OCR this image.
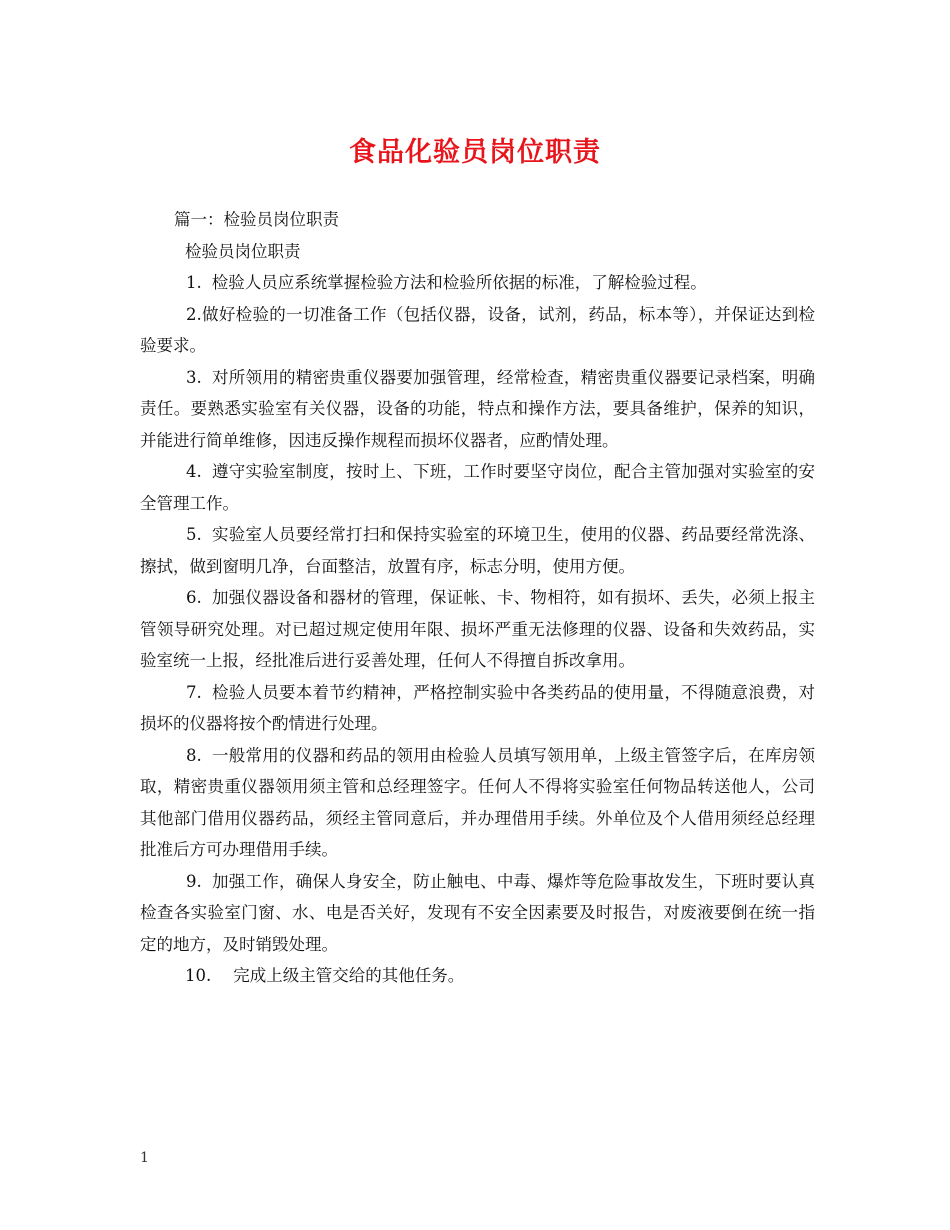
食品化验员岗位职责

篇一：检验员岗位职责

检验员岗位职责

1. 检验人员应系统掌握检验方法和检验所依据的标准，了解检验过程。

2.做好检验的一切准备工作（包括仪器，设备，试剂，药品，标本等），并保证达到检验要求。

3. 对所领用的精密贵重仪器要加强管理，经常检查，精密贵重仪器要记录档案，明确责任。要熟悉实验室有关仪器，设备的功能，特点和操作方法，要具备维护，保养的知识，并能进行简单维修，因违反操作规程而损坏仪器者，应酌情处理。

4. 遵守实验室制度，按时上、下班，工作时要坚守岗位，配合主管加强对实验室的安全管理工作。

5. 实验室人员要经常打扫和保持实验室的环境卫生，使用的仪器、药品要经常洗涤、擦拭，做到窗明几净，台面整洁，放置有序，标志分明，使用方便。

6. 加强仪器设备和器材的管理，保证帐、卡、物相符，如有损坏、丢失，必须上报主管领导研究处理。对已超过规定使用年限、损坏严重无法修理的仪器、设备和失效药品，实验室统一上报，经批准后进行妥善处理，任何人不得擅自拆改拿用。

7. 检验人员要本着节约精神，严格控制实验中各类药品的使用量，不得随意浪费，对损坏的仪器将按个酌情进行处理。

8. 一般常用的仪器和药品的领用由检验人员填写领用单，上级主管签字后，在库房领取，精密贵重仪器领用须主管和总经理签字。任何人不得将实验室任何物品转送他人，公司其他部门借用仪器药品，须经主管同意后，并办理借用手续。外单位及个人借用须经总经理批准后方可办理借用手续。

9. 加强工作，确保人身安全，防止触电、中毒、爆炸等危险事故发生，下班时要认真检查各实验室门窗、水、电是否关好，发现有不安全因素要及时报告，对废液要倒在统一指定的地方，及时销毁处理。

10. 完成上级主管交给的其他任务。

1
